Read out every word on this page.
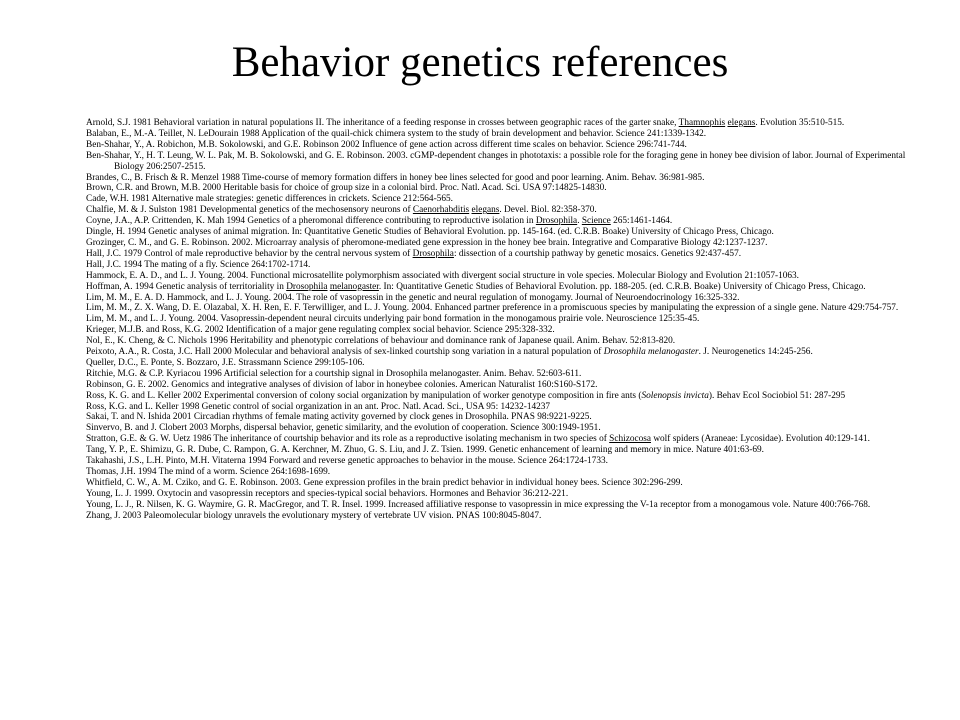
Behavior genetics references
Arnold, S.J. 1981 Behavioral variation in natural populations II. The inheritance of a feeding response in crosses between geographic races of the garter snake, Thamnophis elegans. Evolution 35:510-515.
Balaban, E., M.-A. Teillet, N. LeDourain 1988 Application of the quail-chick chimera system to the study of brain development and behavior. Science 241:1339-1342.
Ben-Shahar, Y., A. Robichon, M.B. Sokolowski, and G.E. Robinson 2002 Influence of gene action across different time scales on behavior. Science 296:741-744.
Ben-Shahar, Y., H. T. Leung, W. L. Pak, M. B. Sokolowski, and G. E. Robinson. 2003. cGMP-dependent changes in phototaxis: a possible role for the foraging gene in honey bee division of labor. Journal of Experimental Biology 206:2507-2515.
Brandes, C., B. Frisch & R. Menzel 1988 Time-course of memory formation differs in honey bee lines selected for good and poor learning. Anim. Behav. 36:981-985.
Brown, C.R. and Brown, M.B. 2000 Heritable basis for choice of group size in a colonial bird. Proc. Natl. Acad. Sci. USA 97:14825-14830.
Cade, W.H. 1981 Alternative male strategies: genetic differences in crickets. Science 212:564-565.
Chalfie, M. & J. Sulston 1981 Developmental genetics of the mechosensory neurons of Caenorhabditis elegans. Devel. Biol. 82:358-370.
Coyne, J.A., A.P. Crittenden, K. Mah 1994 Genetics of a pheromonal difference contributing to reproductive isolation in Drosophila. Science 265:1461-1464.
Dingle, H. 1994 Genetic analyses of animal migration. In: Quantitative Genetic Studies of Behavioral Evolution. pp. 145-164. (ed. C.R.B. Boake) University of Chicago Press, Chicago.
Grozinger, C. M., and G. E. Robinson. 2002. Microarray analysis of pheromone-mediated gene expression in the honey bee brain. Integrative and Comparative Biology 42:1237-1237.
Hall, J.C. 1979 Control of male reproductive behavior by the central nervous system of Drosophila: dissection of a courtship pathway by genetic mosaics. Genetics 92:437-457.
Hall, J.C. 1994 The mating of a fly. Science 264:1702-1714.
Hammock, E. A. D., and L. J. Young. 2004. Functional microsatellite polymorphism associated with divergent social structure in vole species. Molecular Biology and Evolution 21:1057-1063.
Hoffman, A. 1994 Genetic analysis of territoriality in Drosophila melanogaster. In: Quantitative Genetic Studies of Behavioral Evolution. pp. 188-205. (ed. C.R.B. Boake) University of Chicago Press, Chicago.
Lim, M. M., E. A. D. Hammock, and L. J. Young. 2004. The role of vasopressin in the genetic and neural regulation of monogamy. Journal of Neuroendocrinology 16:325-332.
Lim, M. M., Z. X. Wang, D. E. Olazabal, X. H. Ren, E. F. Terwilliger, and L. J. Young. 2004. Enhanced partner preference in a promiscuous species by manipulating the expression of a single gene. Nature 429:754-757.
Lim, M. M., and L. J. Young. 2004. Vasopressin-dependent neural circuits underlying pair bond formation in the monogamous prairie vole. Neuroscience 125:35-45.
Krieger, M.J.B. and Ross, K.G. 2002 Identification of a major gene regulating complex social behavior. Science 295:328-332.
Nol, E., K. Cheng, & C. Nichols 1996 Heritability and phenotypic correlations of behaviour and dominance rank of Japanese quail. Anim. Behav. 52:813-820.
Peixoto, A.A., R. Costa, J.C. Hall 2000 Molecular and behavioral analysis of sex-linked courtship song variation in a natural population of Drosophila melanogaster. J. Neurogenetics 14:245-256.
Queller, D.C., E. Ponte, S. Bozzaro, J.E. Strassmann Science 299:105-106.
Ritchie, M.G. & C.P. Kyriacou 1996 Artificial selection for a courtship signal in Drosophila melanogaster. Anim. Behav. 52:603-611.
Robinson, G. E. 2002. Genomics and integrative analyses of division of labor in honeybee colonies. American Naturalist 160:S160-S172.
Ross, K. G. and L. Keller 2002 Experimental conversion of colony social organization by manipulation of worker genotype composition in fire ants (Solenopsis invicta). Behav Ecol Sociobiol 51: 287-295
Ross, K.G. and L. Keller 1998 Genetic control of social organization in an ant. Proc. Natl. Acad. Sci., USA 95: 14232-14237
Sakai, T. and N. Ishida 2001 Circadian rhythms of female mating activity governed by clock genes in Drosophila. PNAS 98:9221-9225.
Sinvervo, B. and J. Clobert 2003 Morphs, dispersal behavior, genetic similarity, and the evolution of cooperation. Science 300:1949-1951.
Stratton, G.E. & G. W. Uetz 1986 The inheritance of courtship behavior and its role as a reproductive isolating mechanism in two species of Schizocosa wolf spiders (Araneae: Lycosidae). Evolution 40:129-141.
Tang, Y. P., E. Shimizu, G. R. Dube, C. Rampon, G. A. Kerchner, M. Zhuo, G. S. Liu, and J. Z. Tsien. 1999. Genetic enhancement of learning and memory in mice. Nature 401:63-69.
Takahashi, J.S., L.H. Pinto, M.H. Vitaterna 1994 Forward and reverse genetic approaches to behavior in the mouse. Science 264:1724-1733.
Thomas, J.H. 1994 The mind of a worm. Science 264:1698-1699.
Whitfield, C. W., A. M. Cziko, and G. E. Robinson. 2003. Gene expression profiles in the brain predict behavior in individual honey bees. Science 302:296-299.
Young, L. J. 1999. Oxytocin and vasopressin receptors and species-typical social behaviors. Hormones and Behavior 36:212-221.
Young, L. J., R. Nilsen, K. G. Waymire, G. R. MacGregor, and T. R. Insel. 1999. Increased affiliative response to vasopressin in mice expressing the V-1a receptor from a monogamous vole. Nature 400:766-768.
Zhang, J. 2003 Paleomolecular biology unravels the evolutionary mystery of vertebrate UV vision. PNAS 100:8045-8047.
